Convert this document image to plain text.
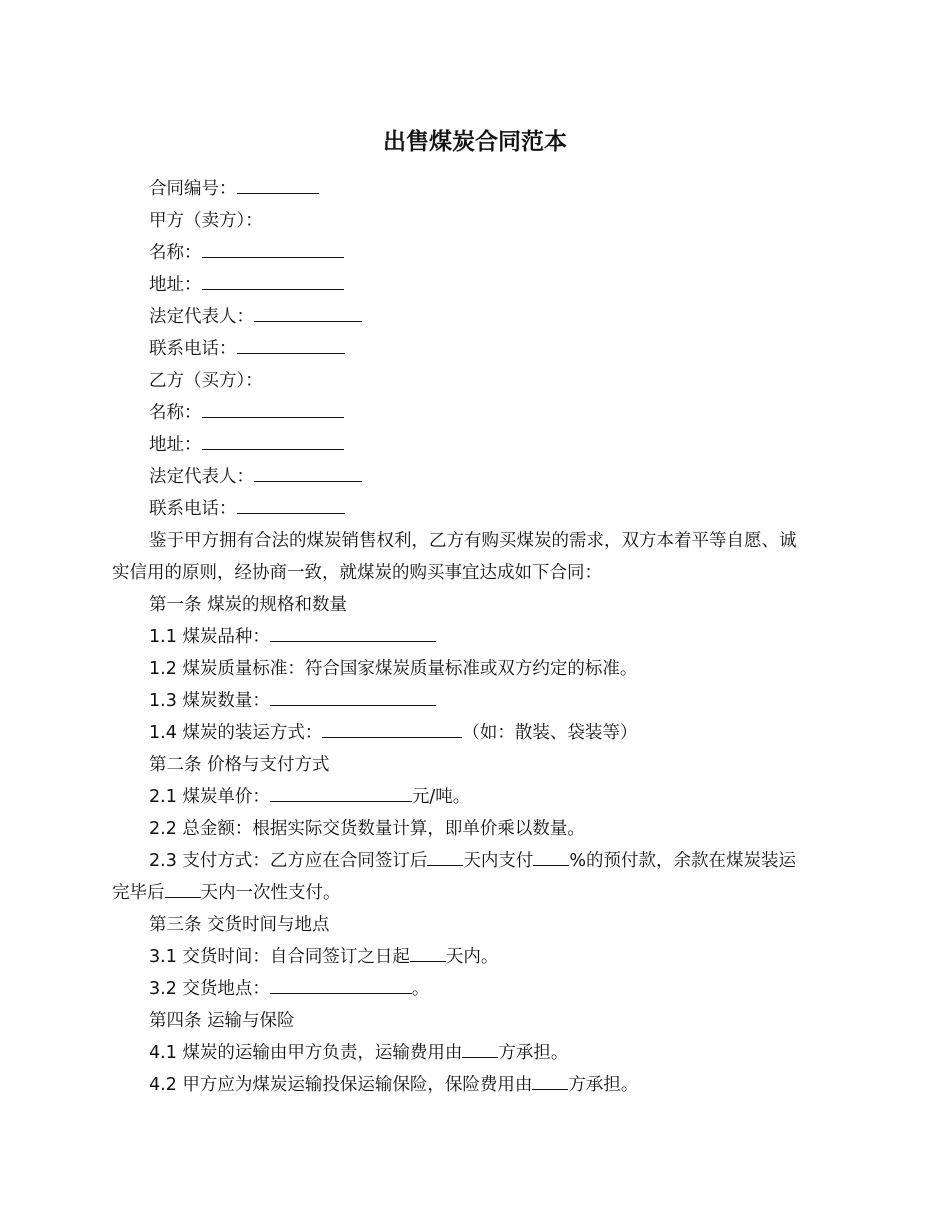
出售煤炭合同范本
合同编号：
甲方（卖方）：
名称：
地址：
法定代表人：
联系电话：
乙方（买方）：
名称：
地址：
法定代表人：
联系电话：
鉴于甲方拥有合法的煤炭销售权利，乙方有购买煤炭的需求，双方本着平等自愿、诚
实信用的原则，经协商一致，就煤炭的购买事宜达成如下合同：
第一条 煤炭的规格和数量
1.1 煤炭品种：
1.2 煤炭质量标准：符合国家煤炭质量标准或双方约定的标准。
1.3 煤炭数量：
1.4 煤炭的装运方式：	（如：散装、袋装等）
第二条 价格与支付方式
2.1 煤炭单价：	元/吨。
2.2 总金额：根据实际交货数量计算，即单价乘以数量。
2.3 支付方式：乙方应在合同签订后 天内支付 %的预付款，余款在煤炭装运
完毕后 天内一次性支付。
第三条 交货时间与地点
3.1 交货时间：自合同签订之日起 天内。
3.2 交货地点：	。
第四条 运输与保险
4.1 煤炭的运输由甲方负责，运输费用由 方承担。
4.2 甲方应为煤炭运输投保运输保险，保险费用由 方承担。
